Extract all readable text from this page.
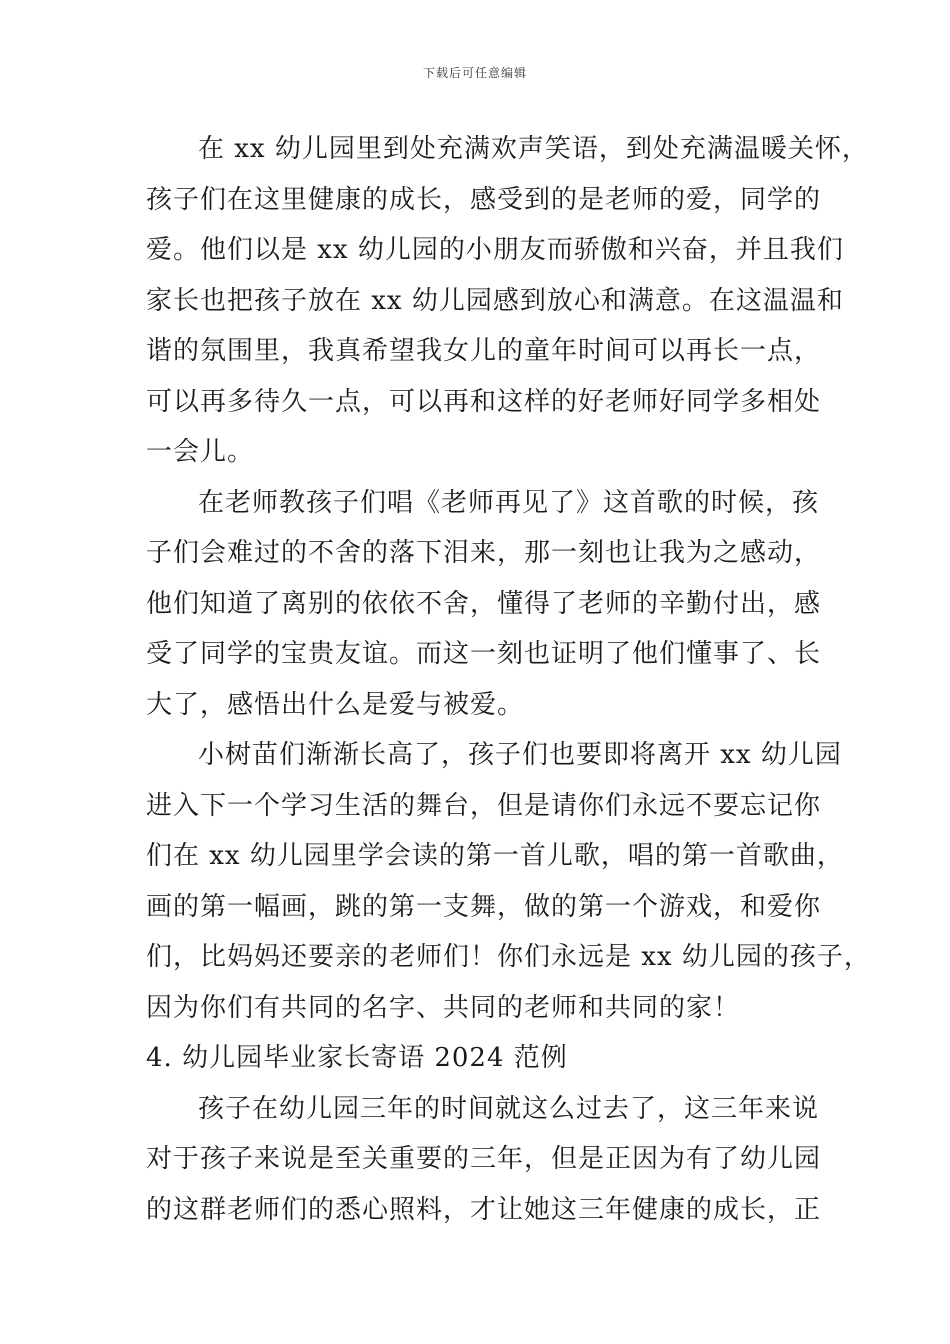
下载后可任意编辑

在 xx 幼儿园里到处充满欢声笑语，到处充满温暖关怀，
孩子们在这里健康的成长，感受到的是老师的爱，同学的
爱。他们以是 xx 幼儿园的小朋友而骄傲和兴奋，并且我们
家长也把孩子放在 xx 幼儿园感到放心和满意。在这温温和
谐的氛围里，我真希望我女儿的童年时间可以再长一点，
可以再多待久一点，可以再和这样的好老师好同学多相处
一会儿。

在老师教孩子们唱《老师再见了》这首歌的时候，孩
子们会难过的不舍的落下泪来，那一刻也让我为之感动，
他们知道了离别的依依不舍，懂得了老师的辛勤付出，感
受了同学的宝贵友谊。而这一刻也证明了他们懂事了、长
大了，感悟出什么是爱与被爱。

小树苗们渐渐长高了，孩子们也要即将离开 xx 幼儿园
进入下一个学习生活的舞台，但是请你们永远不要忘记你
们在 xx 幼儿园里学会读的第一首儿歌，唱的第一首歌曲，
画的第一幅画，跳的第一支舞，做的第一个游戏，和爱你
们，比妈妈还要亲的老师们！你们永远是 xx 幼儿园的孩子，
因为你们有共同的名字、共同的老师和共同的家！

4. 幼儿园毕业家长寄语 2024 范例

孩子在幼儿园三年的时间就这么过去了，这三年来说
对于孩子来说是至关重要的三年，但是正因为有了幼儿园
的这群老师们的悉心照料，才让她这三年健康的成长，正
